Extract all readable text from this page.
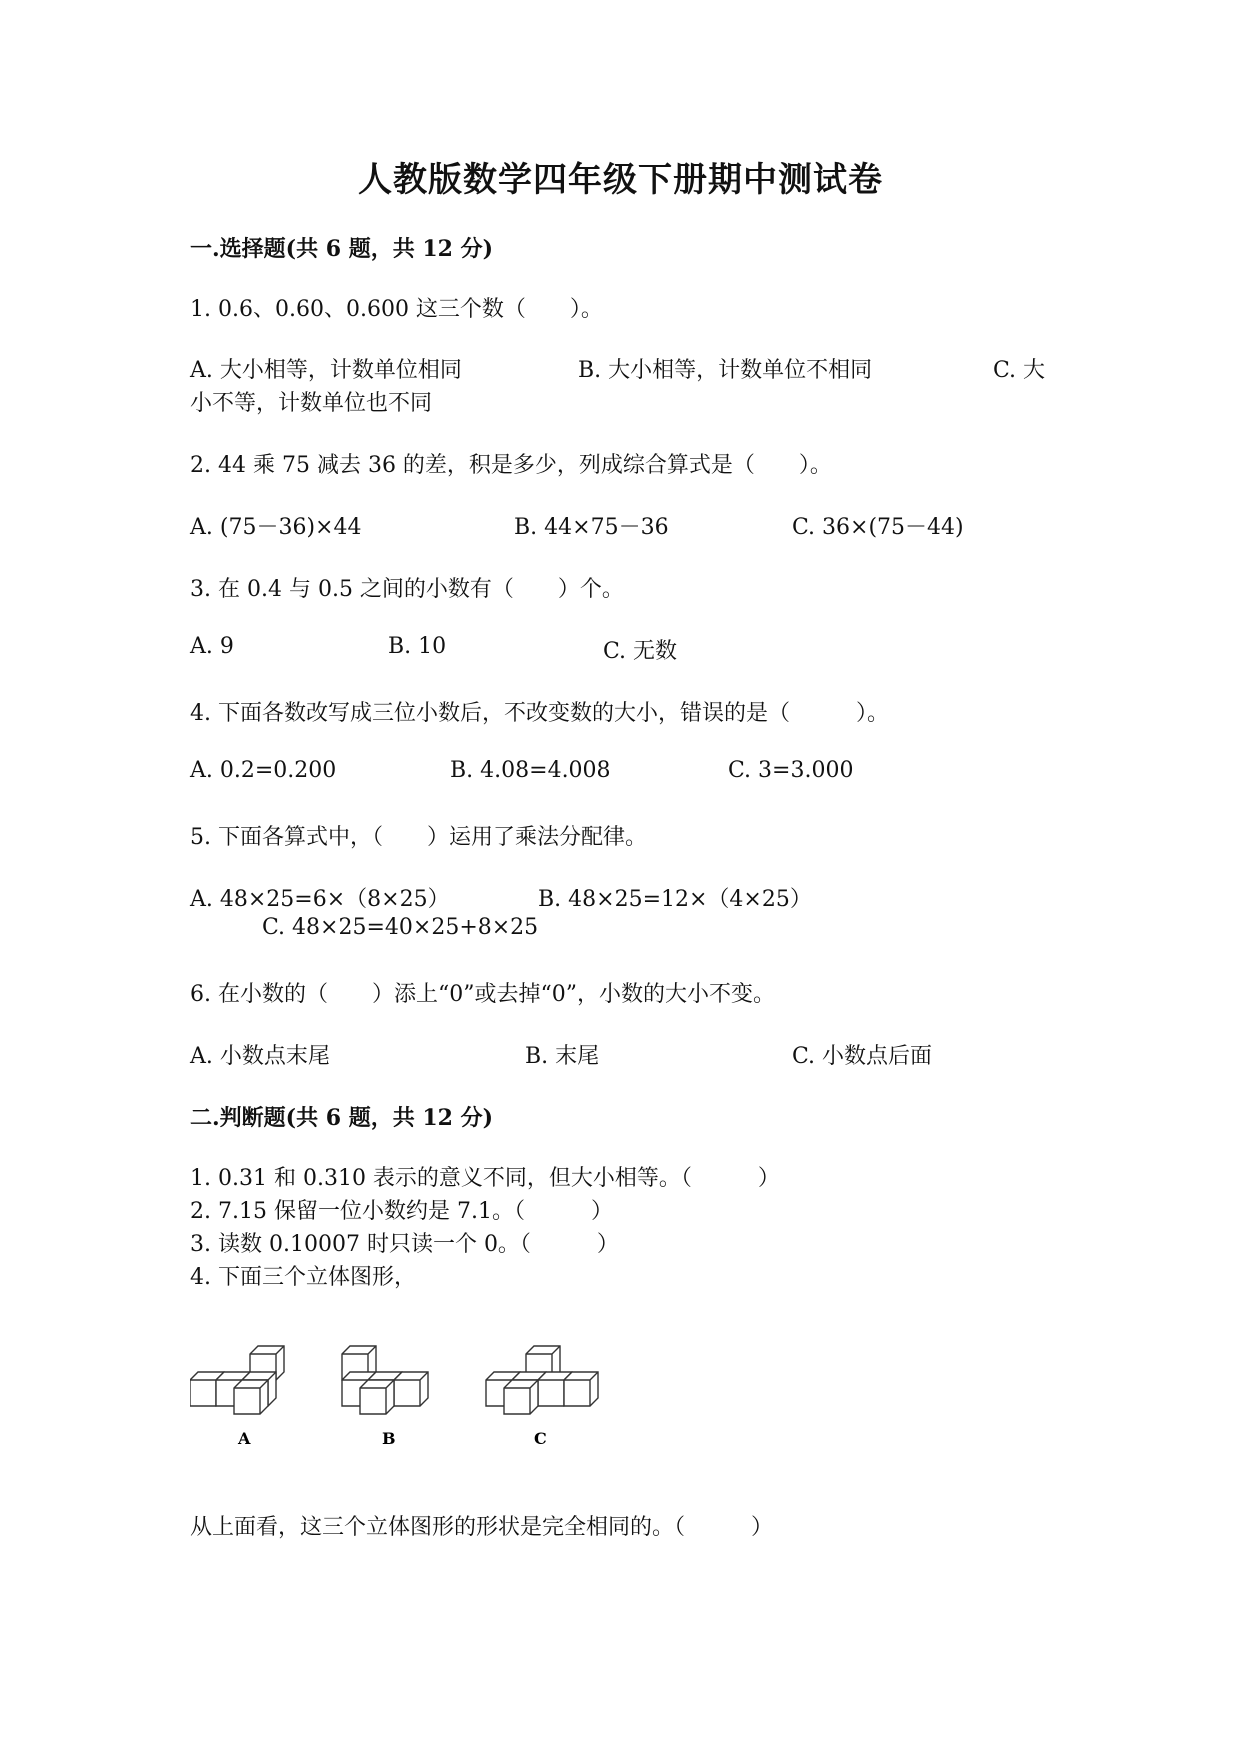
人教版数学四年级下册期中测试卷
一.选择题(共 6 题，共 12 分)
1. 0.6、0.60、0.600 这三个数（　　）。
A. 大小相等，计数单位相同	B. 大小相等，计数单位不相同	C. 大
小不等，计数单位也不同
2. 44 乘 75 减去 36 的差，积是多少，列成综合算式是（　　）。
A. (75－36)×44	B. 44×75－36	C. 36×(75－44)
3. 在 0.4 与 0.5 之间的小数有（　　）个。
A. 9	B. 10	C. 无数
4. 下面各数改写成三位小数后，不改变数的大小，错误的是（　　　）。
A. 0.2=0.200	B. 4.08=4.008	C. 3=3.000
5. 下面各算式中，（　　）运用了乘法分配律。
A. 48×25=6×（8×25）	B. 48×25=12×（4×25）
C. 48×25=40×25+8×25
6. 在小数的（　　）添上“0”或去掉“0”，小数的大小不变。
A. 小数点末尾	B. 末尾	C. 小数点后面
二.判断题(共 6 题，共 12 分)
1. 0.31 和 0.310 表示的意义不同，但大小相等。（　　　）
2. 7.15 保留一位小数约是 7.1。（　　　）
3. 读数 0.10007 时只读一个 0。（　　　）
4. 下面三个立体图形，
A	B	C
从上面看，这三个立体图形的形状是完全相同的。（　　　）
